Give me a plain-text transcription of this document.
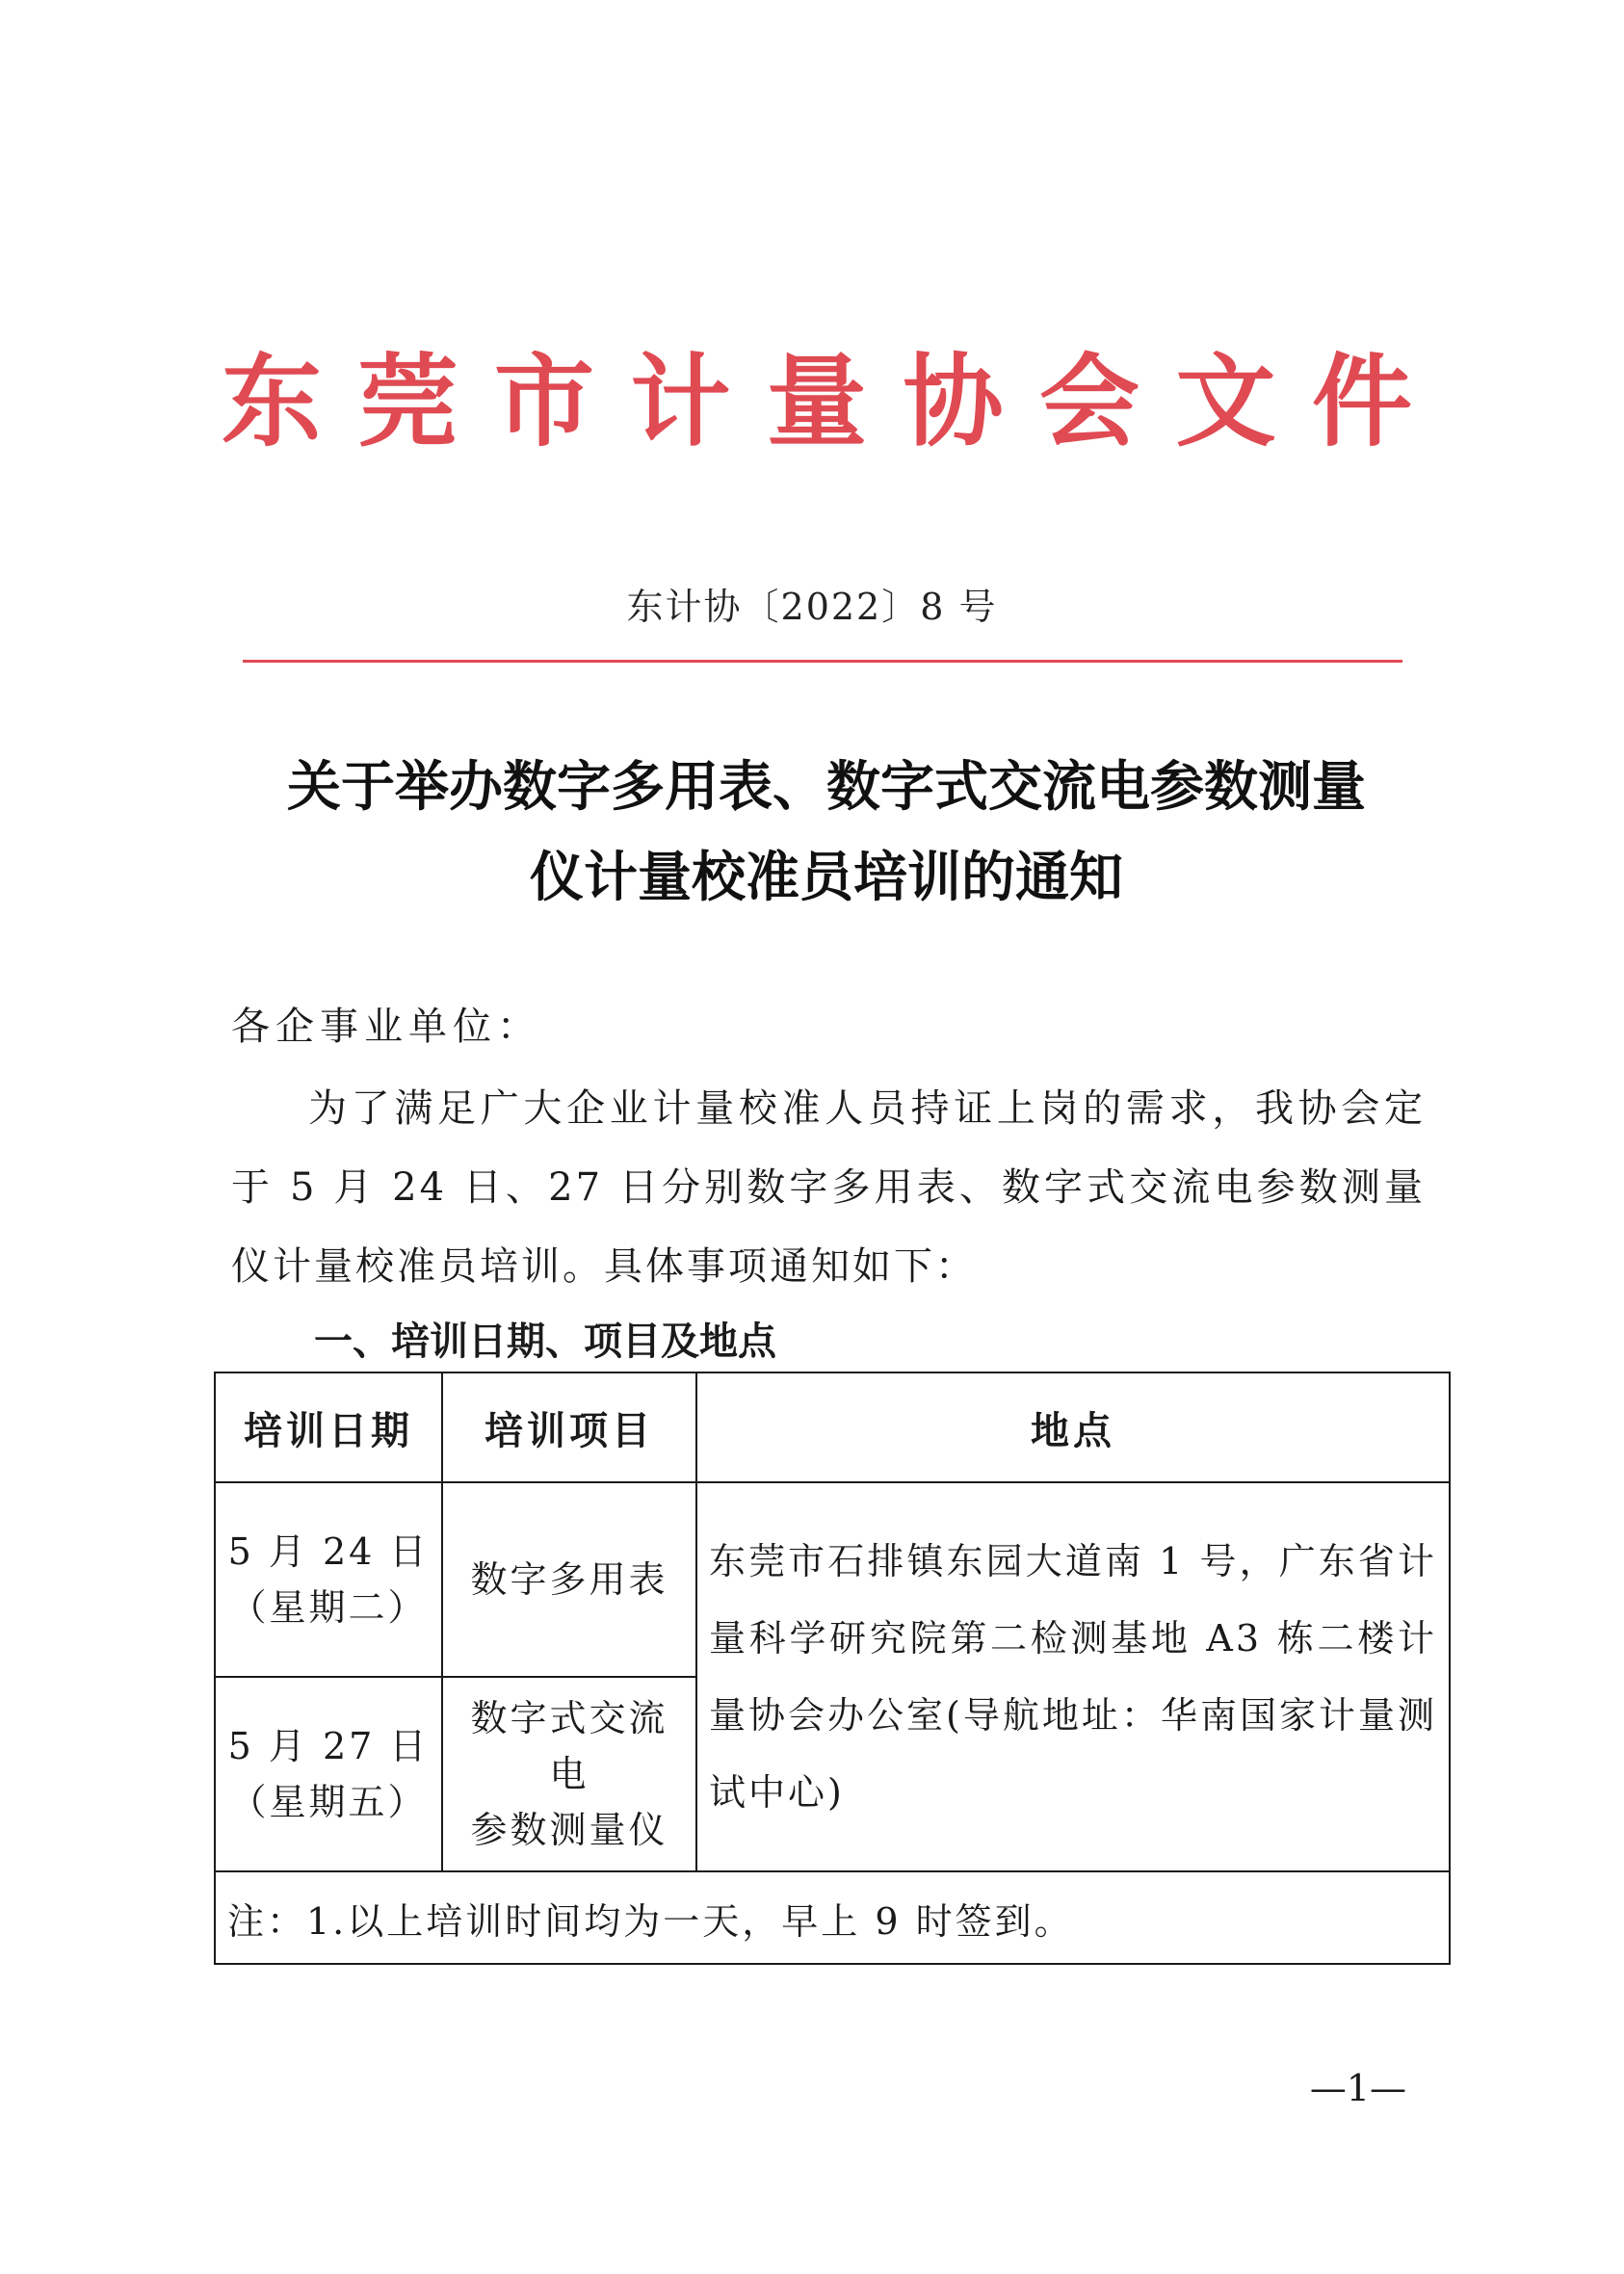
东莞市计量协会文件
东计协〔2022〕8 号
关于举办数字多用表、数字式交流电参数测量
仪计量校准员培训的通知
各企事业单位：
为了满足广大企业计量校准人员持证上岗的需求，我协会定于 5 月 24 日、27 日分别数字多用表、数字式交流电参数测量仪计量校准员培训。具体事项通知如下：
一、培训日期、项目及地点
培训日期	培训项目	地点

5 月 24 日
（星期二）	数字多用表	东莞市石排镇东园大道南 1 号，广东省计量科学研究院第二检测基地 A3 栋二楼计量协会办公室(导航地址：华南国家计量测试中心)

5 月 27 日
（星期五）	数字式交流电
参数测量仪	

注：1.以上培训时间均为一天，早上 9 时签到。		
—1—
